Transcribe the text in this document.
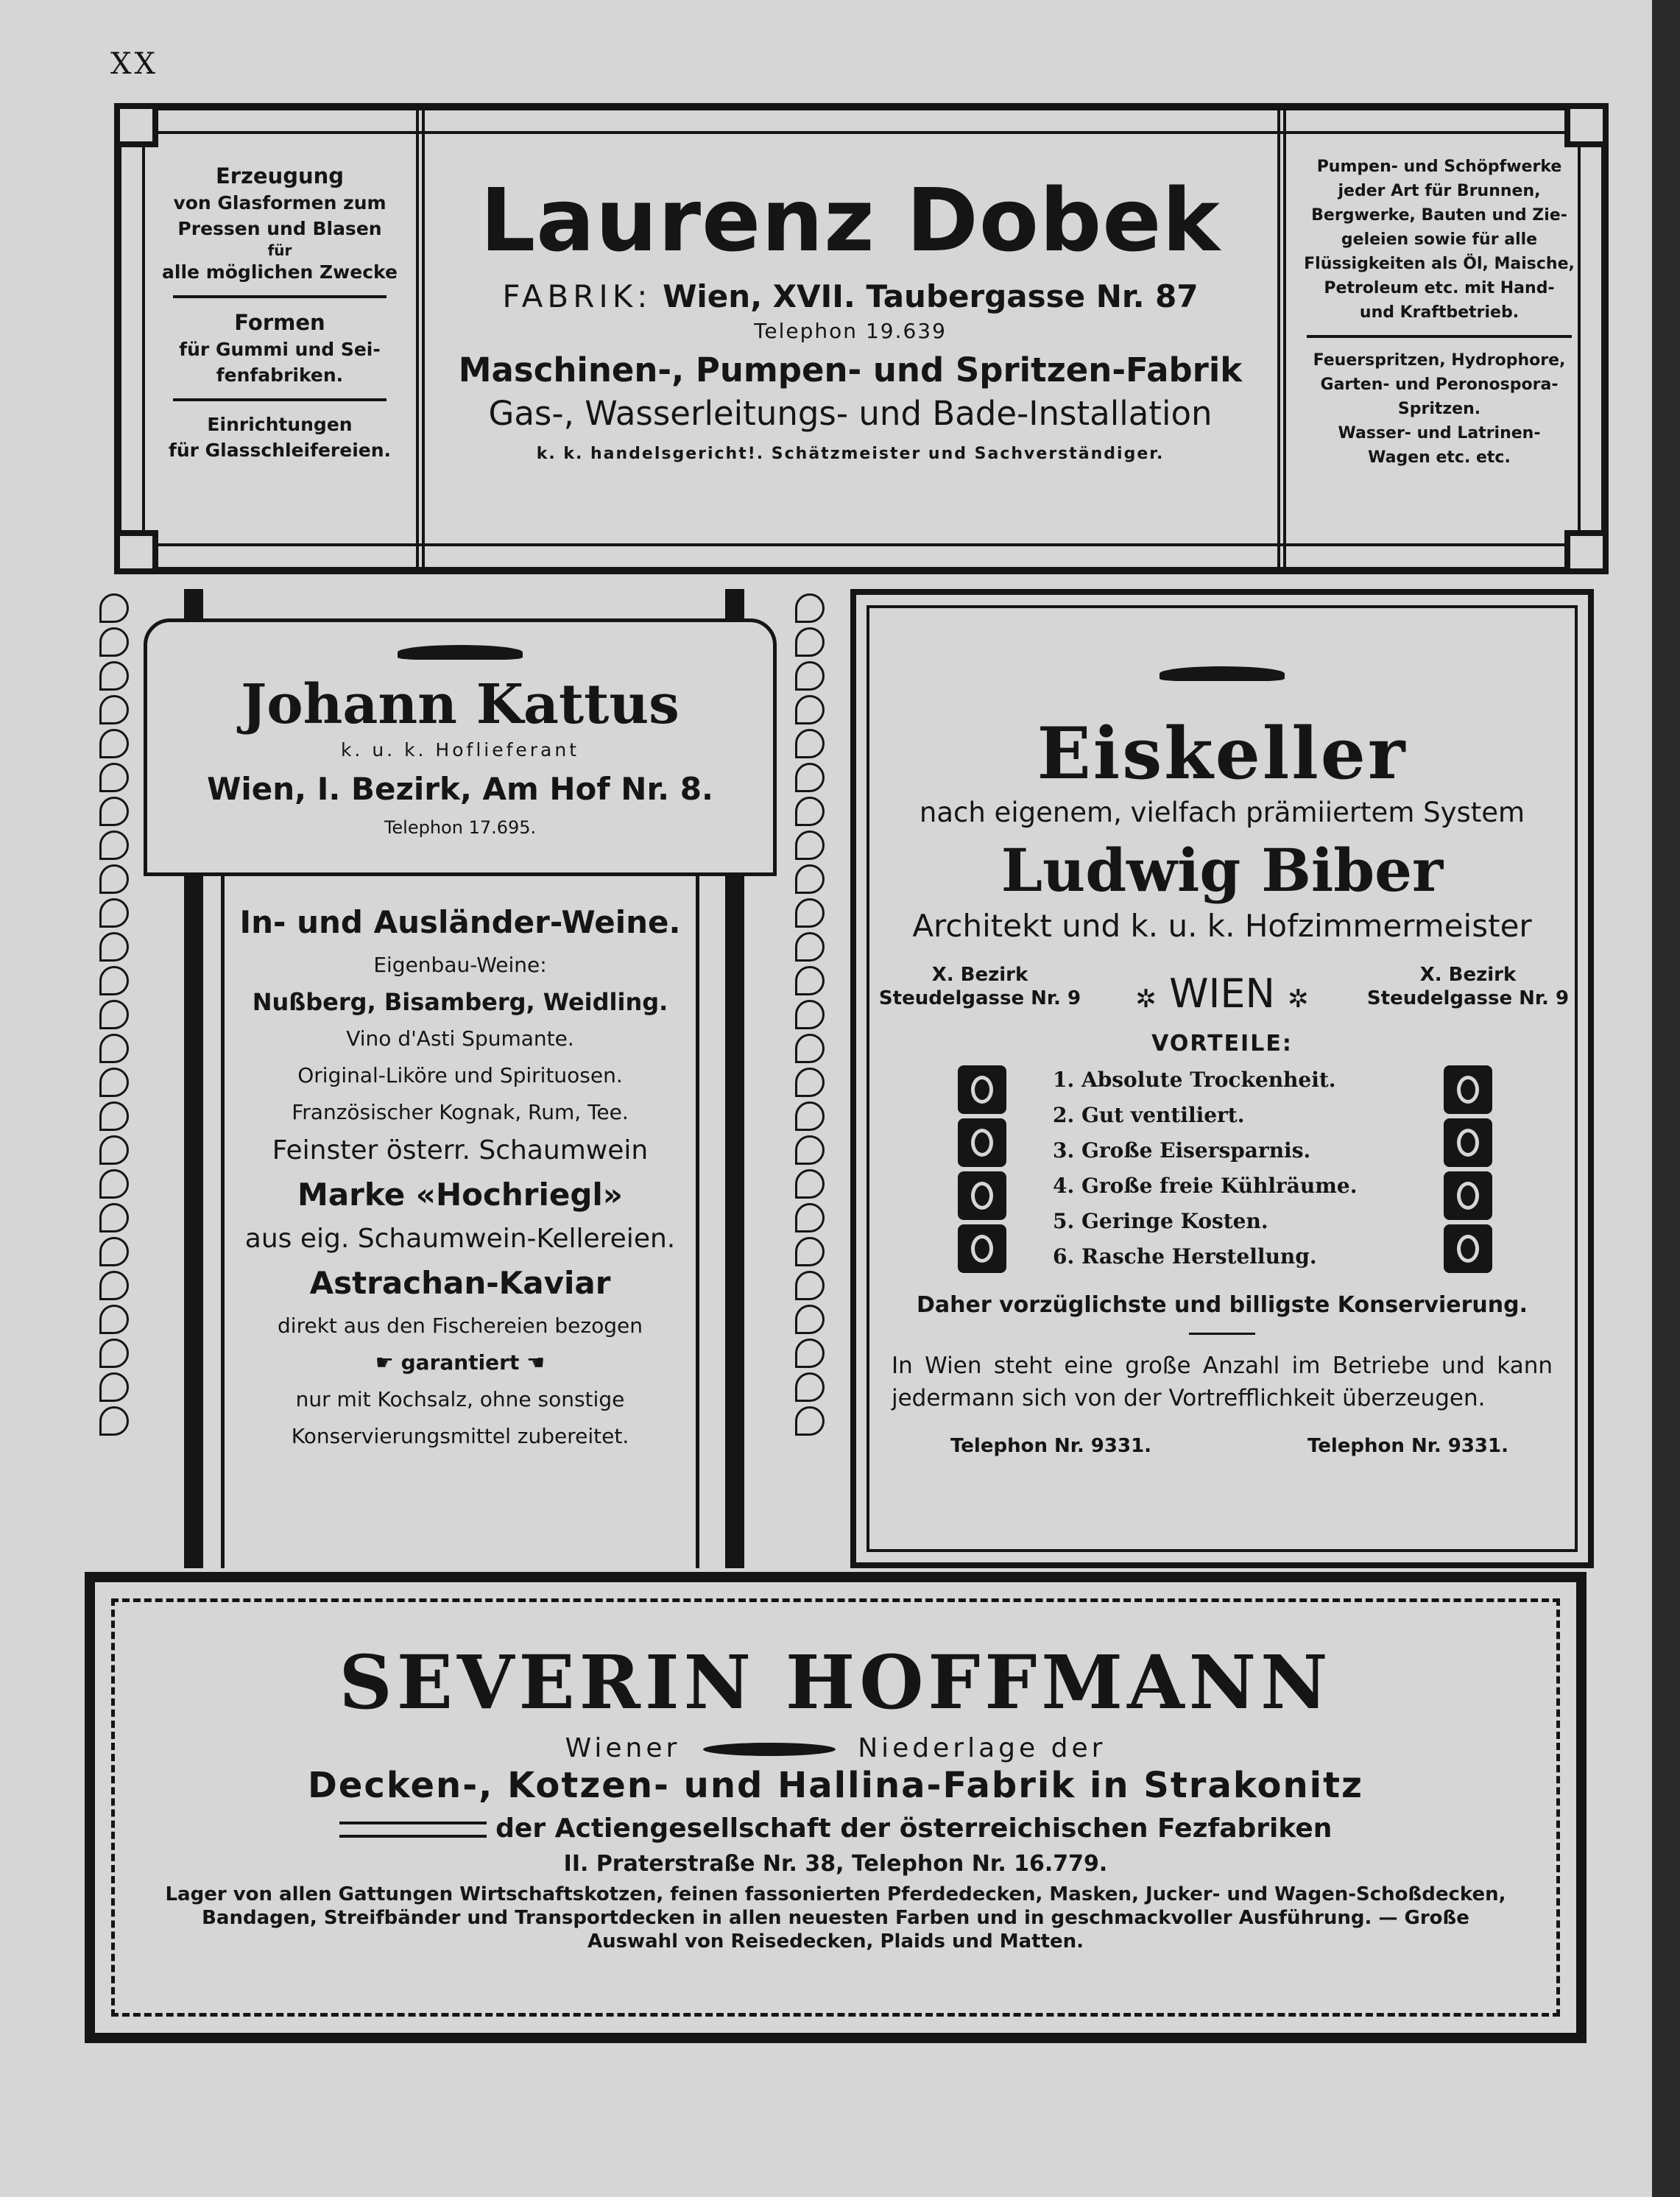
XX
Erzeugung
von Glasformen zum
Pressen und Blasen
für
alle möglichen Zwecke
Formen
für Gummi und Sei-
fenfabriken.
Einrichtungen
für Glasschleifereien.
Laurenz Dobek
FABRIK: Wien, XVII. Taubergasse Nr. 87
Telephon 19.639
Maschinen-, Pumpen- und Spritzen-Fabrik
Gas-, Wasserleitungs- und Bade-Installation
k. k. handelsgericht!. Schätzmeister und Sachverständiger.
Pumpen- und Schöpfwerke
jeder Art für Brunnen,
Bergwerke, Bauten und Zie-
geleien sowie für alle
Flüssigkeiten als Öl, Maische,
Petroleum etc. mit Hand-
und Kraftbetrieb.
Feuerspritzen, Hydrophore,
Garten- und Peronospora-
Spritzen.
Wasser- und Latrinen-
Wagen etc. etc.
Johann Kattus
k. u. k. Hoflieferant
Wien, I. Bezirk, Am Hof Nr. 8.
Telephon 17.695.
In- und Ausländer-Weine.
Eigenbau-Weine:
Nußberg, Bisamberg, Weidling.
Vino d'Asti Spumante.
Original-Liköre und Spirituosen.
Französischer Kognak, Rum, Tee.
Feinster österr. Schaumwein
Marke «Hochriegl»
aus eig. Schaumwein-Kellereien.
Astrachan-Kaviar
direkt aus den Fischereien bezogen
☛ garantiert ☚
nur mit Kochsalz, ohne sonstige
Konservierungsmittel zubereitet.
Eiskeller
nach eigenem, vielfach prämiiertem System
Ludwig Biber
Architekt und k. u. k. Hofzimmermeister
X. Bezirk
Steudelgasse Nr. 9	✲ WIEN ✲
X. Bezirk
Steudelgasse Nr. 9
VORTEILE:
1. Absolute Trockenheit.
2. Gut ventiliert.
3. Große Eisersparnis.
4. Große freie Kühlräume.
5. Geringe Kosten.
6. Rasche Herstellung.
Daher vorzüglichste und billigste Konservierung.
In Wien steht eine große Anzahl im Betriebe und kann jedermann sich von der Vortrefflichkeit überzeugen.
Telephon Nr. 9331.	Telephon Nr. 9331.
SEVERIN HOFFMANN
Wiener	Niederlage der
Decken-, Kotzen- und Hallina-Fabrik in Strakonitz
der Actiengesellschaft der österreichischen Fezfabriken
II. Praterstraße Nr. 38, Telephon Nr. 16.779.
Lager von allen Gattungen Wirtschaftskotzen, feinen fassonierten Pferdedecken, Masken, Jucker- und Wagen-Schoßdecken, Bandagen, Streifbänder und Transportdecken in allen neuesten Farben und in geschmackvoller Ausführung. — Große Auswahl von Reisedecken, Plaids und Matten.
